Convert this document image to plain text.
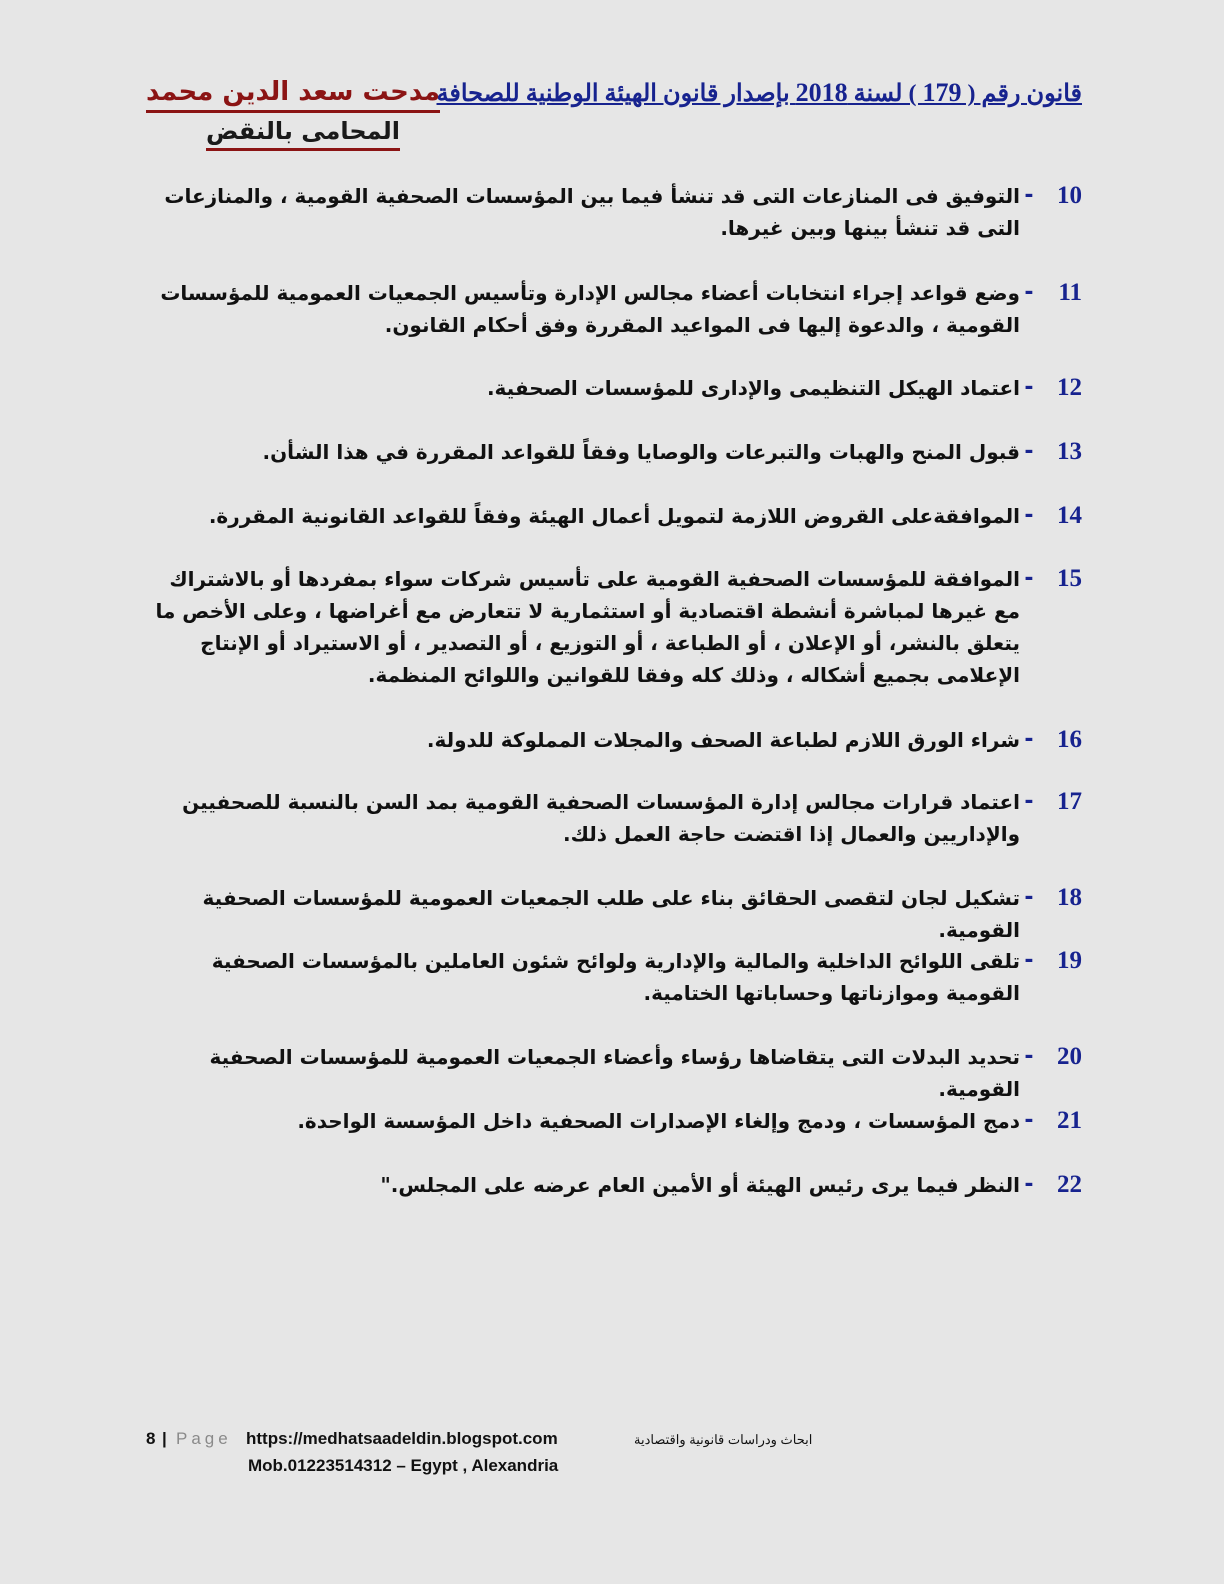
قانون رقم ( 179 ) لسنة 2018 بإصدار قانون الهيئة الوطنية للصحافة
مدحت سعد الدين محمد
المحامى بالنقض
10
-
التوفيق فى المنازعات التى قد تنشأ فيما بين المؤسسات الصحفية القومية ، والمنازعات التى قد تنشأ بينها وبين غيرها.
11
-
وضع قواعد إجراء انتخابات أعضاء مجالس الإدارة وتأسيس الجمعيات العمومية للمؤسسات القومية ، والدعوة إليها فى المواعيد المقررة وفق أحكام القانون.
12
-
اعتماد الهيكل التنظيمى والإدارى للمؤسسات الصحفية.
13
-
قبول المنح والهبات والتبرعات والوصايا وفقاً للقواعد المقررة في هذا الشأن.
14
-
الموافقةعلى القروض اللازمة لتمويل أعمال الهيئة وفقاً للقواعد القانونية المقررة.
15
-
الموافقة للمؤسسات الصحفية القومية على تأسيس شركات سواء بمفردها أو بالاشتراك مع غيرها لمباشرة أنشطة اقتصادية أو استثمارية لا تتعارض مع أغراضها ، وعلى الأخص ما يتعلق بالنشر، أو الإعلان ، أو الطباعة ، أو التوزيع ، أو التصدير ، أو الاستيراد أو الإنتاج الإعلامى بجميع أشكاله ، وذلك كله وفقا للقوانين واللوائح المنظمة.
16
-
شراء الورق اللازم لطباعة الصحف والمجلات المملوكة للدولة.
17
-
اعتماد قرارات مجالس إدارة المؤسسات الصحفية القومية بمد السن بالنسبة للصحفيين والإداريين والعمال إذا اقتضت حاجة العمل ذلك.
18
-
تشكيل لجان لتقصى الحقائق بناء على طلب الجمعيات العمومية للمؤسسات الصحفية القومية.
19
-
تلقى اللوائح الداخلية والمالية والإدارية ولوائح شئون العاملين بالمؤسسات الصحفية القومية وموازناتها وحساباتها الختامية.
20
-
تحديد البدلات التى يتقاضاها رؤساء وأعضاء الجمعيات العمومية للمؤسسات الصحفية القومية.
21
-
دمج المؤسسات ، ودمج وإلغاء الإصدارات الصحفية داخل المؤسسة الواحدة.
22
-
النظر فيما يرى رئيس الهيئة أو الأمين العام عرضه على المجلس."
8 | Page https://medhatsaadeldin.blogspot.com	ابحاث ودراسات قانونية واقتصادية
Mob.01223514312 – Egypt , Alexandria
